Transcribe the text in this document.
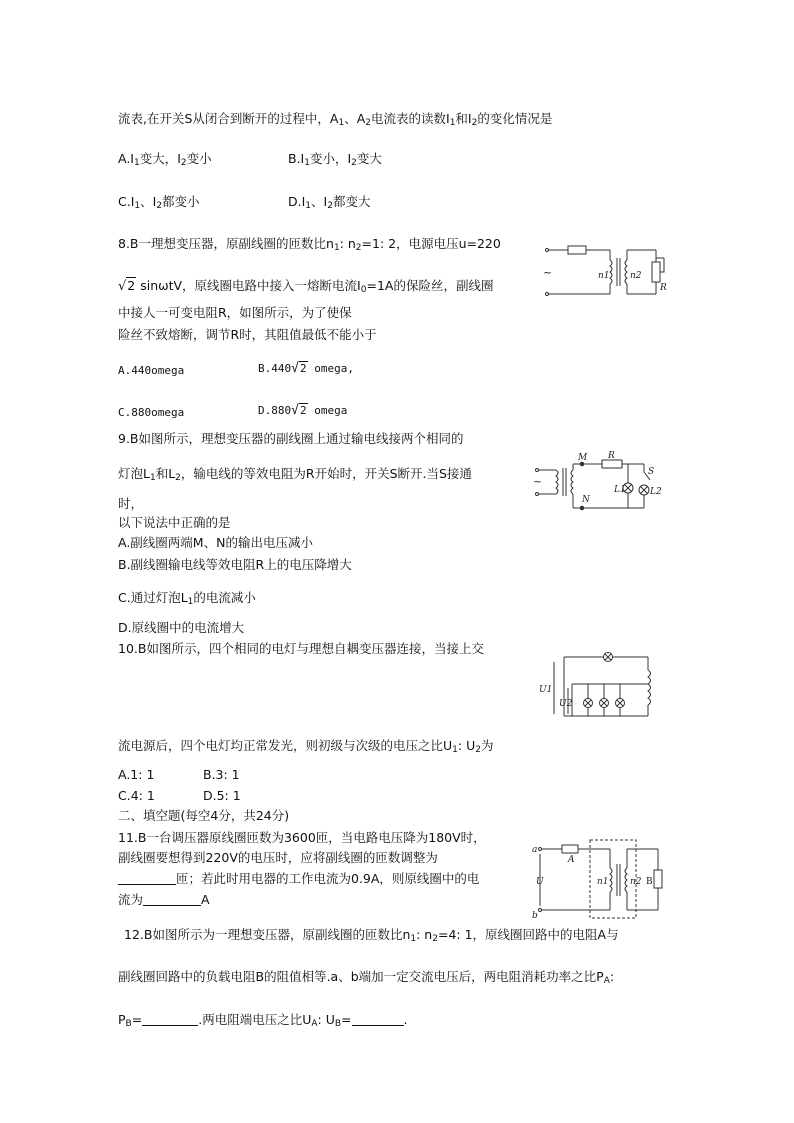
流表,在开关S从闭合到断开的过程中，$A_1$、$A_2$电流表的读数$I_1$和$I_2$的变化情况是
$A.I_1$变大，$I_2$变小	$B.I_1$变小，$I_2$变大
$C.I_1$、$I_2$都变小	$D.I_1$、$I_2$都变大
8.B一理想变压器，原副线圈的匝数比$n_1$: $n_2=1$: 2，电源电压u=220
√2 sinωtV，原线圈电路中接入一熔断电流$I_0=1A$的保险丝，副线圈
中接人一可变电阻R，如图所示，为了使保
险丝不致熔断，调节R时，其阻值最低不能小于
A.440omega	B.440√2 omega,
C.880omega	D.880√2 omega
~	n1 n2
R
9.B如图所示，理想变压器的副线圈上通过输电线接两个相同的
灯泡$L_1$和$L_2$，输电线的等效电阻为R开始时，开关S断开.当S接通
时，
以下说法中正确的是
A.副线圈两端M、N的输出电压减小
B.副线圈输电线等效电阻R上的电压降增大
C.通过灯泡$L_1$的电流减小
D.原线圈中的电流增大
~
M R
N
L1
S
L2
10.B如图所示，四个相同的电灯与理想自耦变压器连接，当接上交
U1
U2
流电源后，四个电灯均正常发光，则初级与次级的电压之比$U_1$: $U_2$为
A.1: 1	B.3: 1
C.4: 1	D.5: 1
二、填空题(每空4分，共24分)
11.B一台调压器原线圈匝数为3600匝，当电路电压降为180V时，
副线圈要想得到220V的电压时，应将副线圈的匝数调整为
匝；若此时用电器的工作电流为0.9A，则原线圈中的电
流为	A
a
A
b
U	n1 n2 B
12.B如图所示为一理想变压器，原副线圈的匝数比$n_1$: $n_2=4$: 1，原线圈回路中的电阻A与
副线圈回路中的负载电阻B的阻值相等.a、b端加一定交流电压后，两电阻消耗功率之比$P_A$:
$P_B=$	.两电阻端电压之比$U_A$: $U_B=$	.
